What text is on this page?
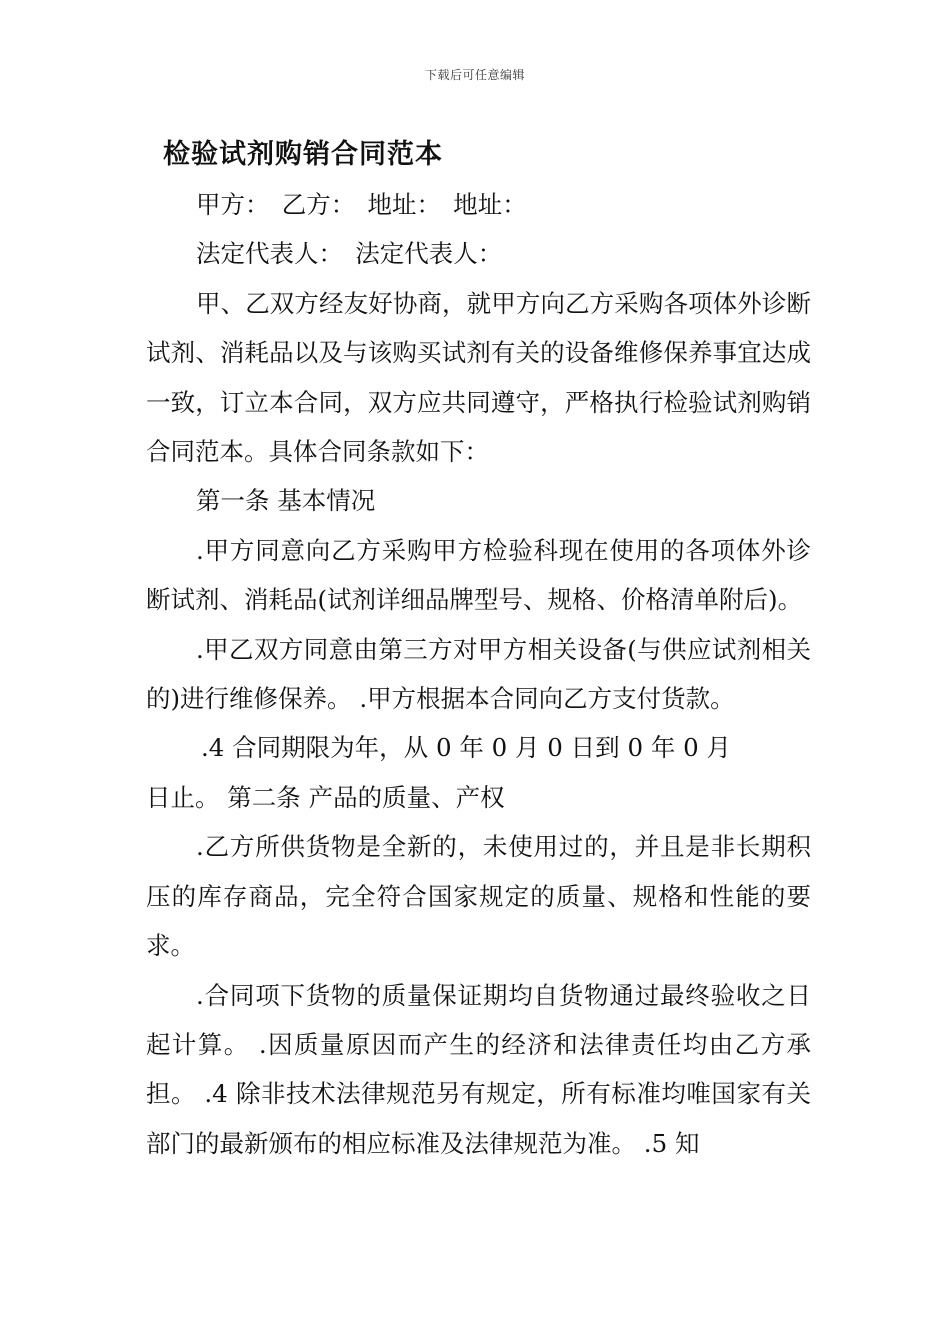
下载后可任意编辑
检验试剂购销合同范本

甲方：　乙方：　地址：　地址：

法定代表人：　法定代表人：

甲、乙双方经友好协商，就甲方向乙方采购各项体外诊断试剂、消耗品以及与该购买试剂有关的设备维修保养事宜达成一致，订立本合同，双方应共同遵守，严格执行检验试剂购销合同范本。具体合同条款如下：

第一条 基本情况

.甲方同意向乙方采购甲方检验科现在使用的各项体外诊断试剂、消耗品(试剂详细品牌型号、规格、价格清单附后)。

.甲乙双方同意由第三方对甲方相关设备(与供应试剂相关的)进行维修保养。 .甲方根据本合同向乙方支付货款。

.4 合同期限为年，从 0 年 0 月 0 日到 0 年 0 月
日止。 第二条 产品的质量、产权

.乙方所供货物是全新的，未使用过的，并且是非长期积压的库存商品，完全符合国家规定的质量、规格和性能的要求。

.合同项下货物的质量保证期均自货物通过最终验收之日起计算。 .因质量原因而产生的经济和法律责任均由乙方承担。 .4 除非技术法律规范另有规定，所有标准均唯国家有关部门的最新颁布的相应标准及法律规范为准。 .5 知
